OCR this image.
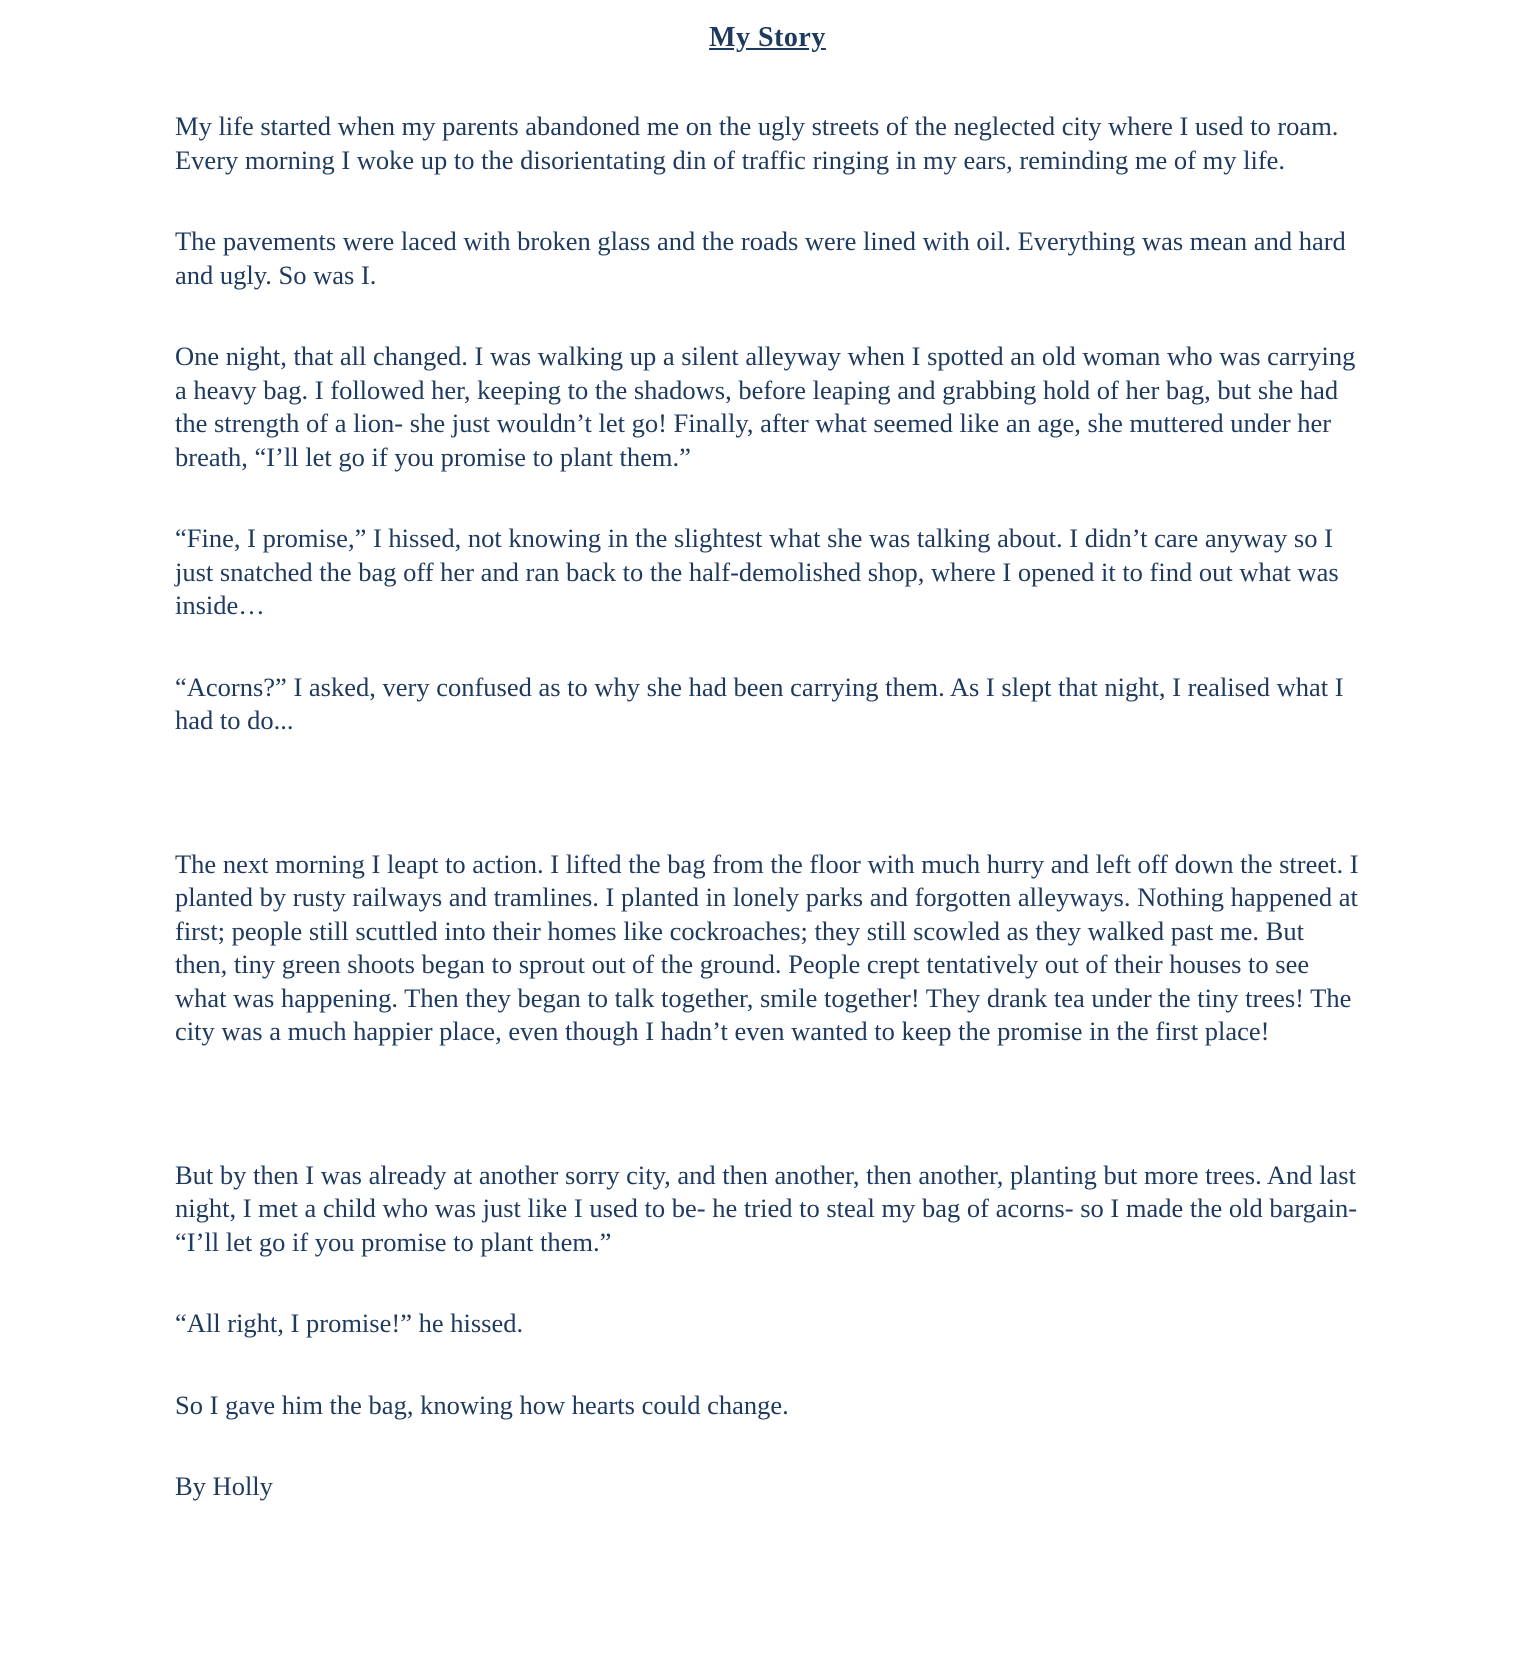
My Story

My life started when my parents abandoned me on the ugly streets of the neglected city where I used to roam. Every morning I woke up to the disorientating din of traffic ringing in my ears, reminding me of my life.

The pavements were laced with broken glass and the roads were lined with oil. Everything was mean and hard and ugly. So was I.

One night, that all changed. I was walking up a silent alleyway when I spotted an old woman who was carrying a heavy bag. I followed her, keeping to the shadows, before leaping and grabbing hold of her bag, but she had the strength of a lion- she just wouldn’t let go! Finally, after what seemed like an age, she muttered under her breath, “I’ll let go if you promise to plant them.”

“Fine, I promise,” I hissed, not knowing in the slightest what she was talking about. I didn’t care anyway so I just snatched the bag off her and ran back to the half-demolished shop, where I opened it to find out what was inside…

“Acorns?” I asked, very confused as to why she had been carrying them. As I slept that night, I realised what I had to do...

The next morning I leapt to action. I lifted the bag from the floor with much hurry and left off down the street. I planted by rusty railways and tramlines. I planted in lonely parks and forgotten alleyways. Nothing happened at first; people still scuttled into their homes like cockroaches; they still scowled as they walked past me. But then, tiny green shoots began to sprout out of the ground. People crept tentatively out of their houses to see what was happening. Then they began to talk together, smile together! They drank tea under the tiny trees! The city was a much happier place, even though I hadn’t even wanted to keep the promise in the first place!

But by then I was already at another sorry city, and then another, then another, planting but more trees. And last night, I met a child who was just like I used to be- he tried to steal my bag of acorns- so I made the old bargain- “I’ll let go if you promise to plant them.”

“All right, I promise!” he hissed.

So I gave him the bag, knowing how hearts could change.

By Holly
